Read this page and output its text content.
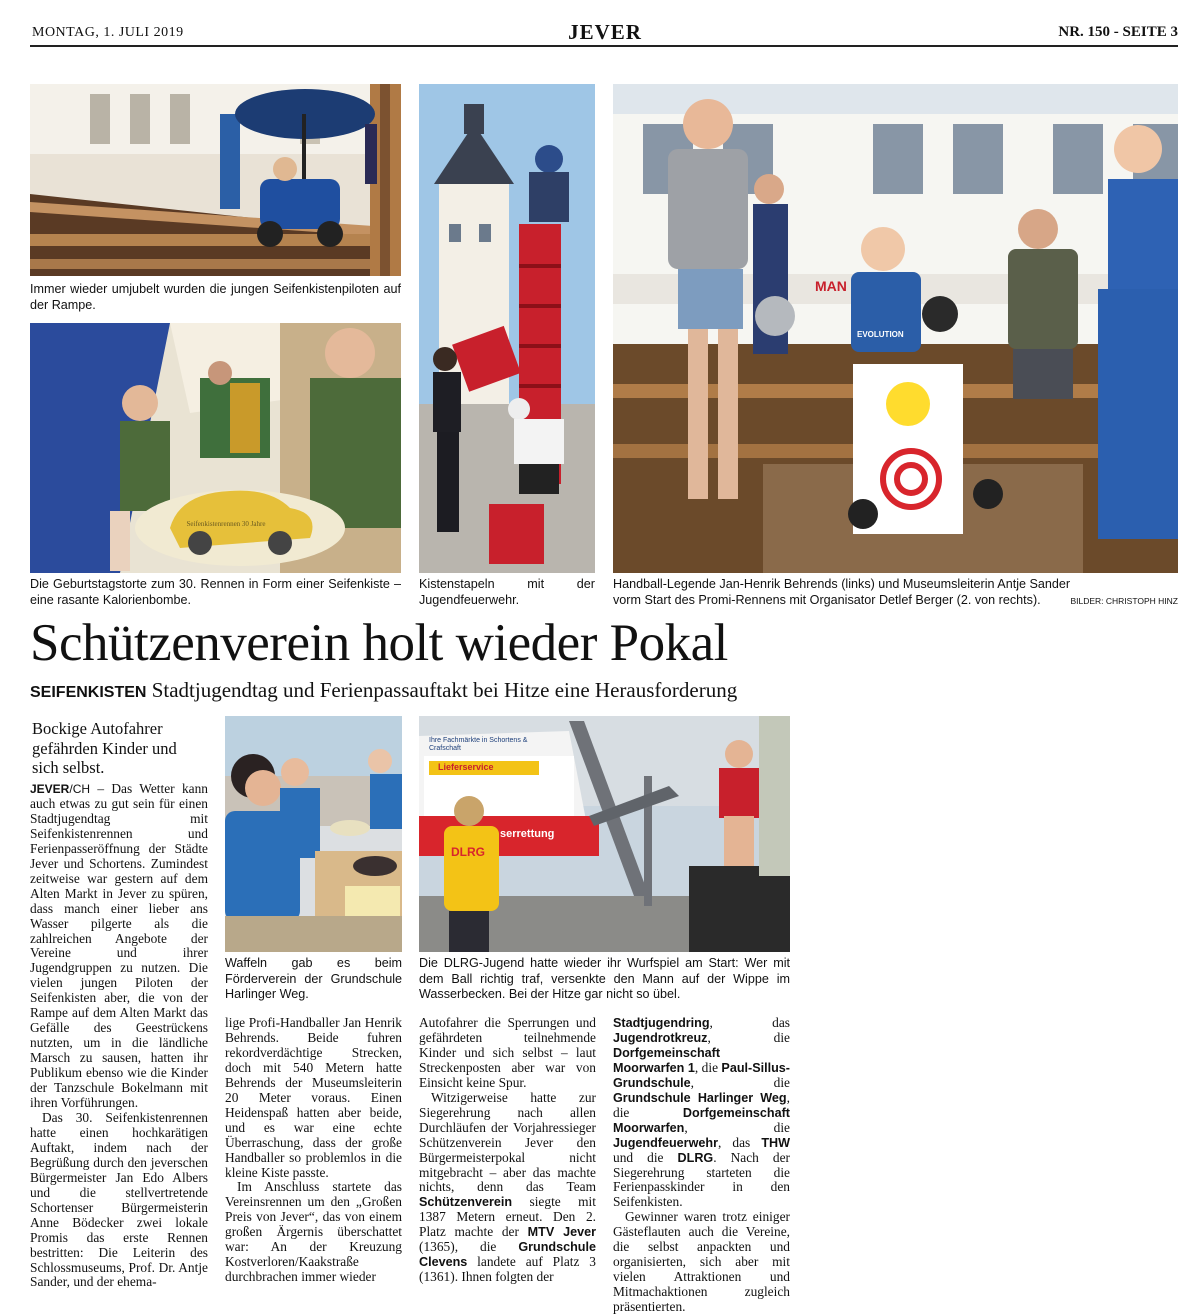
MONTAG, 1. JULI 2019	JEVER	NR. 150 - SEITE 3
Immer wieder umjubelt wurden die jungen Seifenkistenpiloten auf der Rampe.
Die Geburtstagstorte zum 30. Rennen in Form einer Seifenkiste – eine rasante Kalorienbombe.
Kistenstapeln mit der Jugendfeuerwehr.
Handball-Legende Jan-Henrik Behrends (links) und Museumsleiterin Antje Sander vorm Start des Promi-Rennens mit Organisator Detlef Berger (2. von rechts).	BILDER: CHRISTOPH HINZ
Schützenverein holt wieder Pokal
SEIFENKISTEN Stadtjugendtag und Ferienpassauftakt bei Hitze eine Herausforderung
Bockige Autofahrer gefährden Kinder und sich selbst.
Waffeln gab es beim Förderverein der Grundschule Harlinger Weg.
Die DLRG-Jugend hatte wieder ihr Wurfspiel am Start: Wer mit dem Ball richtig traf, versenkte den Mann auf der Wippe im Wasserbecken. Bei der Hitze gar nicht so übel.

JEVER/CH – Das Wetter kann auch etwas zu gut sein für einen Stadtjugendtag mit Seifenkistenrennen und Ferienpasseröffnung der Städte Jever und Schortens. Zumindest zeitweise war gestern auf dem Alten Markt in Jever zu spüren, dass manch einer lieber ans Wasser pilgerte als die zahlreichen Angebote der Vereine und ihrer Jugendgruppen zu nutzen. Die vielen jungen Piloten der Seifenkisten aber, die von der Rampe auf dem Alten Markt das Gefälle des Geestrückens nutzten, um in die ländliche Marsch zu sausen, hatten ihr Publikum ebenso wie die Kinder der Tanzschule Bokelmann mit ihren Vorführungen.

Das 30. Seifenkistenrennen hatte einen hochkarätigen Auftakt, indem nach der Begrüßung durch den jeverschen Bürgermeister Jan Edo Albers und die stellvertretende Schortenser Bürgermeisterin Anne Bödecker zwei lokale Promis das erste Rennen bestritten: Die Leiterin des Schlossmuseums, Prof. Dr. Antje Sander, und der ehema-

lige Profi-Handballer Jan Henrik Behrends. Beide fuhren rekordverdächtige Strecken, doch mit 540 Metern hatte Behrends der Museumsleiterin 20 Meter voraus. Einen Heidenspaß hatten aber beide, und es war eine echte Überraschung, dass der große Handballer so problemlos in die kleine Kiste passte.

Im Anschluss startete das Vereinsrennen um den „Großen Preis von Jever“, das von einem großen Ärgernis überschattet war: An der Kreuzung Kostverloren/Kaakstraße durchbrachen immer wieder

Autofahrer die Sperrungen und gefährdeten teilnehmende Kinder und sich selbst – laut Streckenposten aber war von Einsicht keine Spur.

Witzigerweise hatte zur Siegerehrung nach allen Durchläufen der Vorjahressieger Schützenverein Jever den Bürgermeisterpokal nicht mitgebracht – aber das machte nichts, denn das Team Schützenverein siegte mit 1387 Metern erneut. Den 2. Platz machte der MTV Jever (1365), die Grundschule Clevens landete auf Platz 3 (1361). Ihnen folgten der

Stadtjugendring, das Jugendrotkreuz, die Dorfgemeinschaft Moorwarfen 1, die Paul-Sillus-Grundschule, die Grundschule Harlinger Weg, die Dorfgemeinschaft Moorwarfen, die Jugendfeuerwehr, das THW und die DLRG. Nach der Siegerehrung starteten die Ferienpasskinder in den Seifenkisten.

Gewinner waren trotz einiger Gästeflauten auch die Vereine, die selbst anpackten und organisierten, sich aber mit vielen Attraktionen und Mitmachaktionen zugleich präsentierten.

Seifenkistenrennen 30 Jahre
EVOLUTION
MAN
Ihre Fachmärkte in Schortens & Crafschaft
Lieferservice
serrettung
DLRG
